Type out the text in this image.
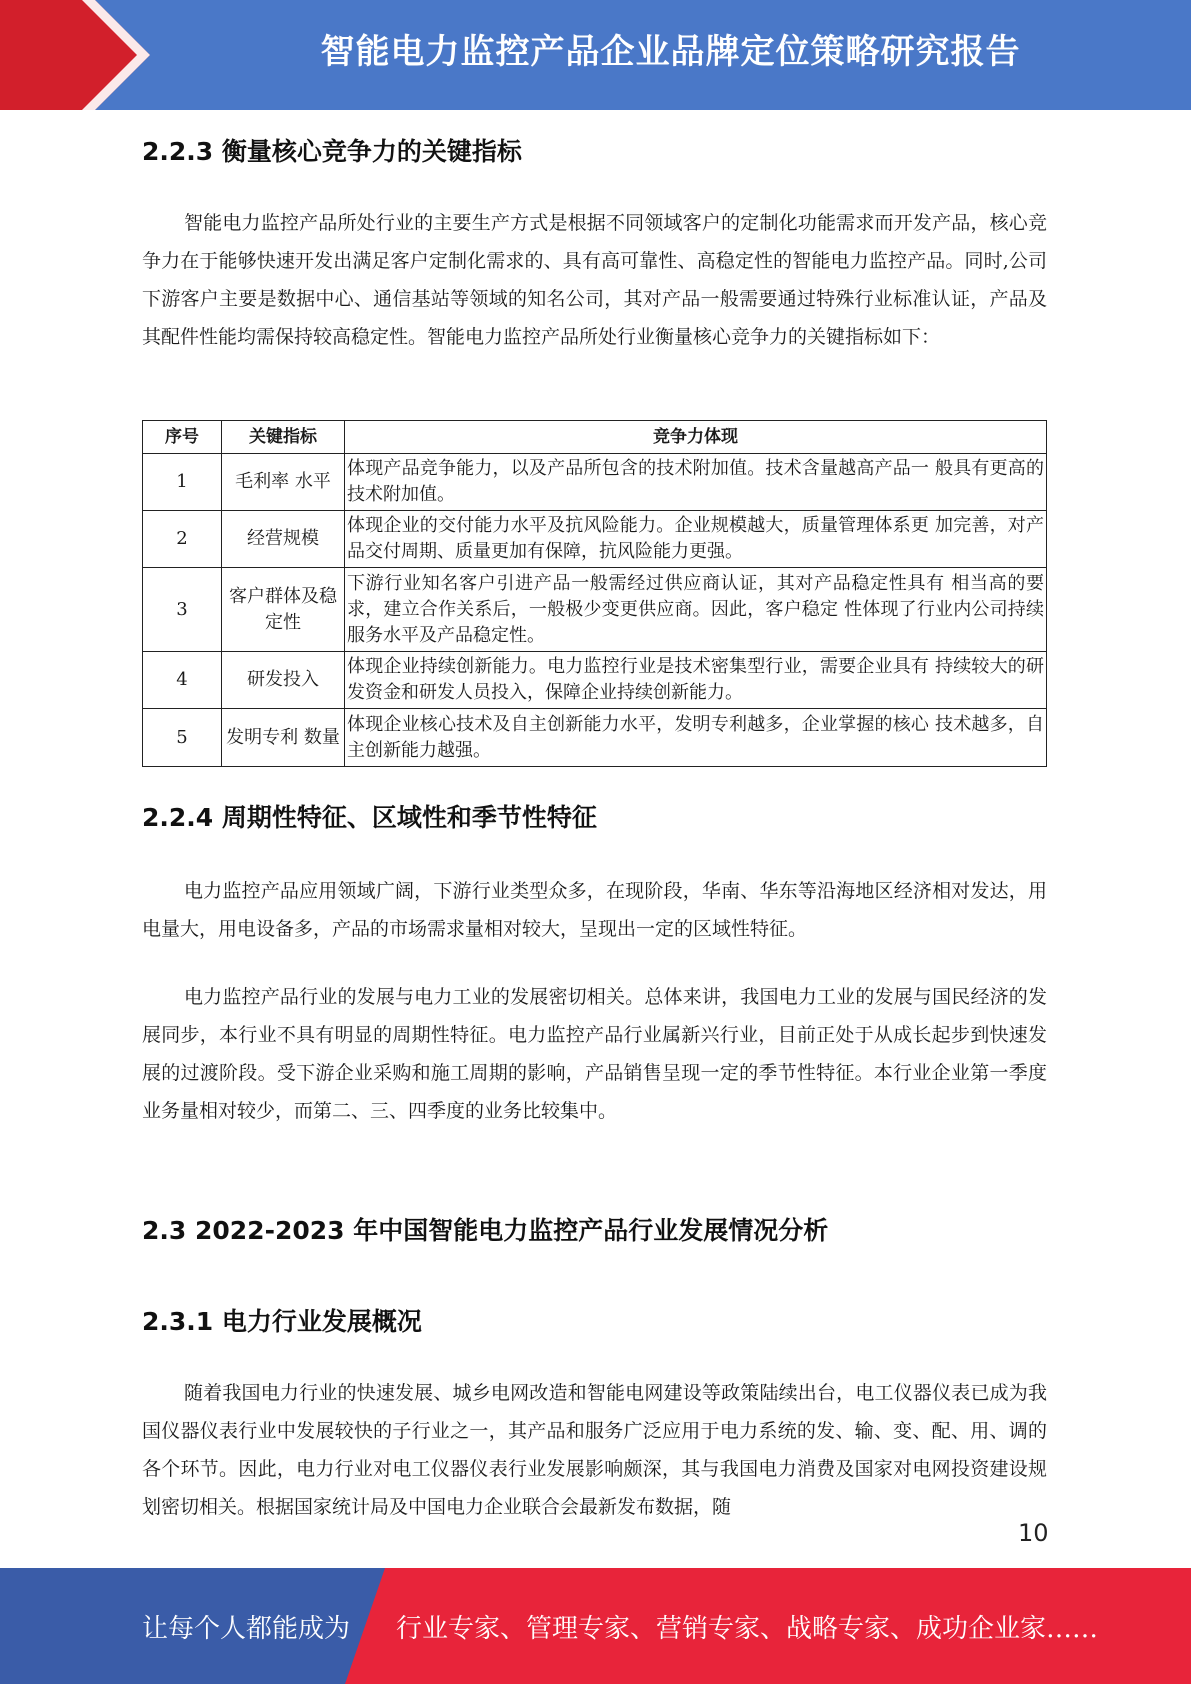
智能电力监控产品企业品牌定位策略研究报告
2.2.3 衡量核心竞争力的关键指标

智能电力监控产品所处行业的主要生产方式是根据不同领域客户的定制化功能需求而开发产品，核心竞争力在于能够快速开发出满足客户定制化需求的、具有高可靠性、高稳定性的智能电力监控产品。同时,公司下游客户主要是数据中心、通信基站等领域的知名公司，其对产品一般需要通过特殊行业标准认证，产品及其配件性能均需保持较高稳定性。智能电力监控产品所处行业衡量核心竞争力的关键指标如下：

序号	关键指标	竞争力体现
1	毛利率 水平	体现产品竞争能力，以及产品所包含的技术附加值。技术含量越高产品一 般具有更高的技术附加值。
2	经营规模	体现企业的交付能力水平及抗风险能力。企业规模越大，质量管理体系更 加完善，对产品交付周期、质量更加有保障，抗风险能力更强。
3	客户群体及稳定性	下游行业知名客户引进产品一般需经过供应商认证，其对产品稳定性具有 相当高的要求，建立合作关系后，一般极少变更供应商。因此，客户稳定 性体现了行业内公司持续服务水平及产品稳定性。
4	研发投入	体现企业持续创新能力。电力监控行业是技术密集型行业，需要企业具有 持续较大的研发资金和研发人员投入，保障企业持续创新能力。
5	发明专利 数量	体现企业核心技术及自主创新能力水平，发明专利越多，企业掌握的核心 技术越多，自主创新能力越强。
2.2.4 周期性特征、区域性和季节性特征

电力监控产品应用领域广阔，下游行业类型众多，在现阶段，华南、华东等沿海地区经济相对发达，用电量大，用电设备多，产品的市场需求量相对较大，呈现出一定的区域性特征。

电力监控产品行业的发展与电力工业的发展密切相关。总体来讲，我国电力工业的发展与国民经济的发展同步，本行业不具有明显的周期性特征。电力监控产品行业属新兴行业，目前正处于从成长起步到快速发展的过渡阶段。受下游企业采购和施工周期的影响，产品销售呈现一定的季节性特征。本行业企业第一季度业务量相对较少，而第二、三、四季度的业务比较集中。

2.3 2022-2023 年中国智能电力监控产品行业发展情况分析
2.3.1 电力行业发展概况

随着我国电力行业的快速发展、城乡电网改造和智能电网建设等政策陆续出台，电工仪器仪表已成为我国仪器仪表行业中发展较快的子行业之一，其产品和服务广泛应用于电力系统的发、输、变、配、用、调的各个环节。因此，电力行业对电工仪器仪表行业发展影响颇深，其与我国电力消费及国家对电网投资建设规划密切相关。根据国家统计局及中国电力企业联合会最新发布数据，随

10
让每个人都能成为 行业专家、管理专家、营销专家、战略专家、成功企业家……
